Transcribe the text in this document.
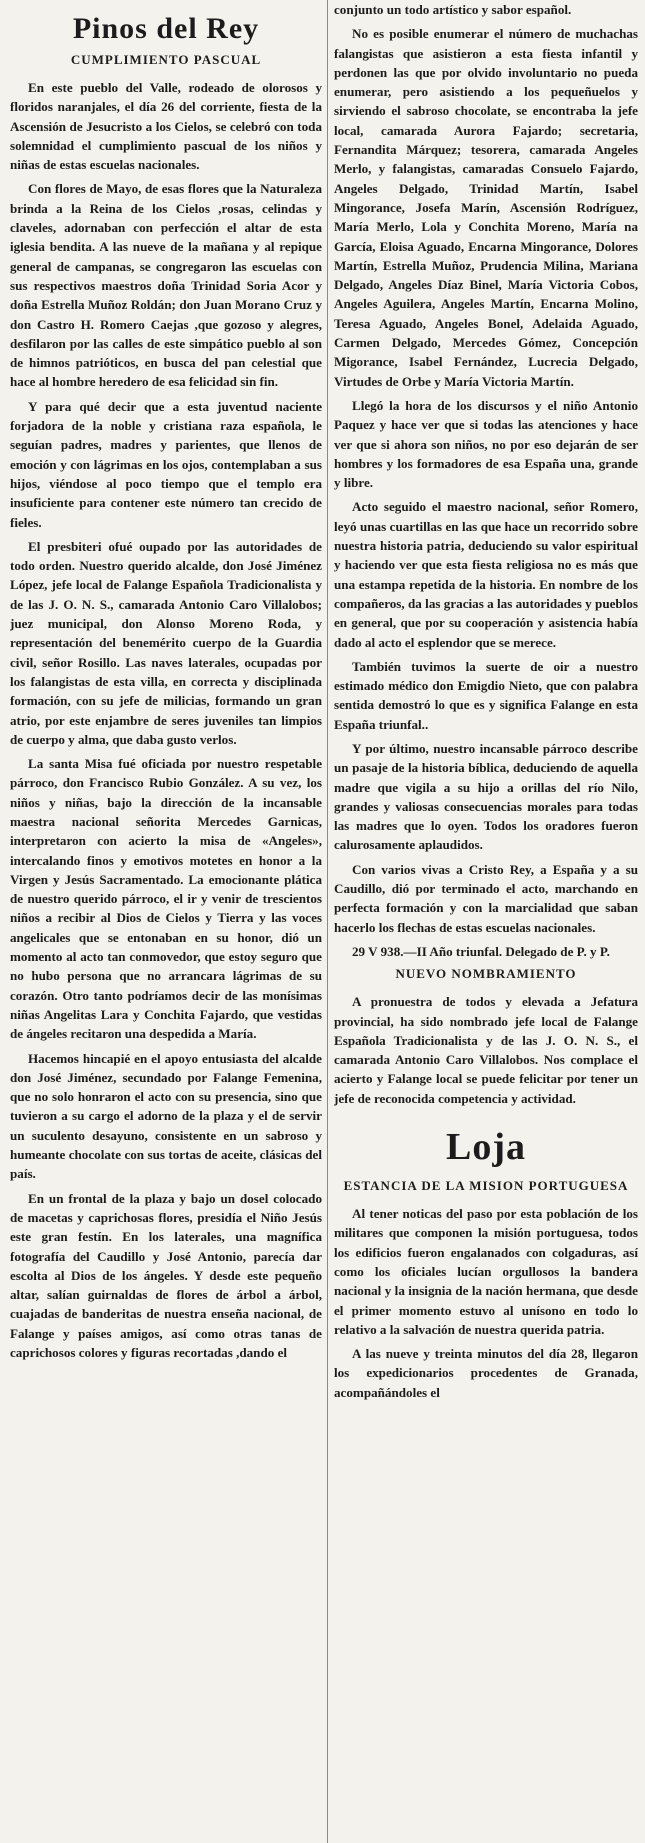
Pinos del Rey
CUMPLIMIENTO PASCUAL

En este pueblo del Valle, rodeado de olorosos y floridos naranjales, el día 26 del corriente, fiesta de la Ascensión de Jesucristo a los Cielos, se celebró con toda solemnidad el cumplimiento pascual de los niños y niñas de estas escuelas nacionales.

Con flores de Mayo, de esas flores que la Naturaleza brinda a la Reina de los Cielos ,rosas, celindas y claveles, adornaban con perfección el altar de esta iglesia bendita. A las nueve de la mañana y al repique general de campanas, se congregaron las escuelas con sus respectivos maestros doña Trinidad Soria Acor y doña Estrella Muñoz Roldán; don Juan Morano Cruz y don Castro H. Romero Caejas ,que gozoso y alegres, desfilaron por las calles de este simpático pueblo al son de himnos patrióticos, en busca del pan celestial que hace al hombre heredero de esa felicidad sin fin.

Y para qué decir que a esta juventud naciente forjadora de la noble y cristiana raza española, le seguían padres, madres y parientes, que llenos de emoción y con lágrimas en los ojos, contemplaban a sus hijos, viéndose al poco tiempo que el templo era insuficiente para contener este número tan crecido de fieles.

El presbiteri ofué oupado por las autoridades de todo orden. Nuestro querido alcalde, don José Jiménez López, jefe local de Falange Española Tradicionalista y de las J. O. N. S., camarada Antonio Caro Villalobos; juez municipal, don Alonso Moreno Roda, y representación del benemérito cuerpo de la Guardia civil, señor Rosillo. Las naves laterales, ocupadas por los falangistas de esta villa, en correcta y disciplinada formación, con su jefe de milicias, formando un gran atrio, por este enjambre de seres juveniles tan limpios de cuerpo y alma, que daba gusto verlos.

La santa Misa fué oficiada por nuestro respetable párroco, don Francisco Rubio González. A su vez, los niños y niñas, bajo la dirección de la incansable maestra nacional señorita Mercedes Garnicas, interpretaron con acierto la misa de «Angeles», intercalando finos y emotivos motetes en honor a la Virgen y Jesús Sacramentado. La emocionante plática de nuestro querido párroco, el ir y venir de trescientos niños a recibir al Dios de Cielos y Tierra y las voces angelicales que se entonaban en su honor, dió un momento al acto tan conmovedor, que estoy seguro que no hubo persona que no arrancara lágrimas de su corazón. Otro tanto podríamos decir de las monísimas niñas Angelitas Lara y Conchita Fajardo, que vestidas de ángeles recitaron una despedida a María.

Hacemos hincapié en el apoyo entusiasta del alcalde don José Jiménez, secundado por Falange Femenina, que no solo honraron el acto con su presencia, sino que tuvieron a su cargo el adorno de la plaza y el de servir un suculento desayuno, consistente en un sabroso y humeante chocolate con sus tortas de aceite, clásicas del país.

En un frontal de la plaza y bajo un dosel colocado de macetas y caprichosas flores, presidía el Niño Jesús este gran festín. En los laterales, una magnífica fotografía del Caudillo y José Antonio, parecía dar escolta al Dios de los ángeles. Y desde este pequeño altar, salían guirnaldas de flores de árbol a árbol, cuajadas de banderitas de nuestra enseña nacional, de Falange y países amigos, así como otras tanas de caprichosos colores y figuras recortadas ,dando el

conjunto un todo artístico y sabor español.

No es posible enumerar el número de muchachas falangistas que asistieron a esta fiesta infantil y perdonen las que por olvido involuntario no pueda enumerar, pero asistiendo a los pequeñuelos y sirviendo el sabroso chocolate, se encontraba la jefe local, camarada Aurora Fajardo; secretaria, Fernandita Márquez; tesorera, camarada Angeles Merlo, y falangistas, camaradas Consuelo Fajardo, Angeles Delgado, Trinidad Martín, Isabel Mingorance, Josefa Marín, Ascensión Rodríguez, María Merlo, Lola y Conchita Moreno, María na García, Eloisa Aguado, Encarna Mingorance, Dolores Martín, Estrella Muñoz, Prudencia Milina, Mariana Delgado, Angeles Díaz Binel, María Victoria Cobos, Angeles Aguilera, Angeles Martín, Encarna Molino, Teresa Aguado, Angeles Bonel, Adelaida Aguado, Carmen Delgado, Mercedes Gómez, Concepción Migorance, Isabel Fernández, Lucrecia Delgado, Virtudes de Orbe y María Victoria Martín.

Llegó la hora de los discursos y el niño Antonio Paquez y hace ver que si todas las atenciones y hace ver que si ahora son niños, no por eso dejarán de ser hombres y los formadores de esa España una, grande y libre.

Acto seguido el maestro nacional, señor Romero, leyó unas cuartillas en las que hace un recorrido sobre nuestra historia patria, deduciendo su valor espiritual y haciendo ver que esta fiesta religiosa no es más que una estampa repetida de la historia. En nombre de los compañeros, da las gracias a las autoridades y pueblos en general, que por su cooperación y asistencia había dado al acto el esplendor que se merece.

También tuvimos la suerte de oir a nuestro estimado médico don Emigdio Nieto, que con palabra sentida demostró lo que es y significa Falange en esta España triunfal..

Y por último, nuestro incansable párroco describe un pasaje de la historia bíblica, deduciendo de aquella madre que vigila a su hijo a orillas del río Nilo, grandes y valiosas consecuencias morales para todas las madres que lo oyen. Todos los oradores fueron calurosamente aplaudidos.

Con varios vivas a Cristo Rey, a España y a su Caudillo, dió por terminado el acto, marchando en perfecta formación y con la marcialidad que saban hacerlo los flechas de estas escuelas nacionales.

29 V 938.—II Año triunfal. Delegado de P. y P.

NUEVO NOMBRAMIENTO

A pronuestra de todos y elevada a Jefatura provincial, ha sido nombrado jefe local de Falange Española Tradicionalista y de las J. O. N. S., el camarada Antonio Caro Villalobos. Nos complace el acierto y Falange local se puede felicitar por tener un jefe de reconocida competencia y actividad.

Loja
ESTANCIA DE LA MISION PORTUGUESA

Al tener noticas del paso por esta población de los militares que componen la misión portuguesa, todos los edificios fueron engalanados con colgaduras, así como los oficiales lucían orgullosos la bandera nacional y la insignia de la nación hermana, que desde el primer momento estuvo al unísono en todo lo relativo a la salvación de nuestra querida patria.

A las nueve y treinta minutos del día 28, llegaron los expedicionarios procedentes de Granada, acompañándoles el
